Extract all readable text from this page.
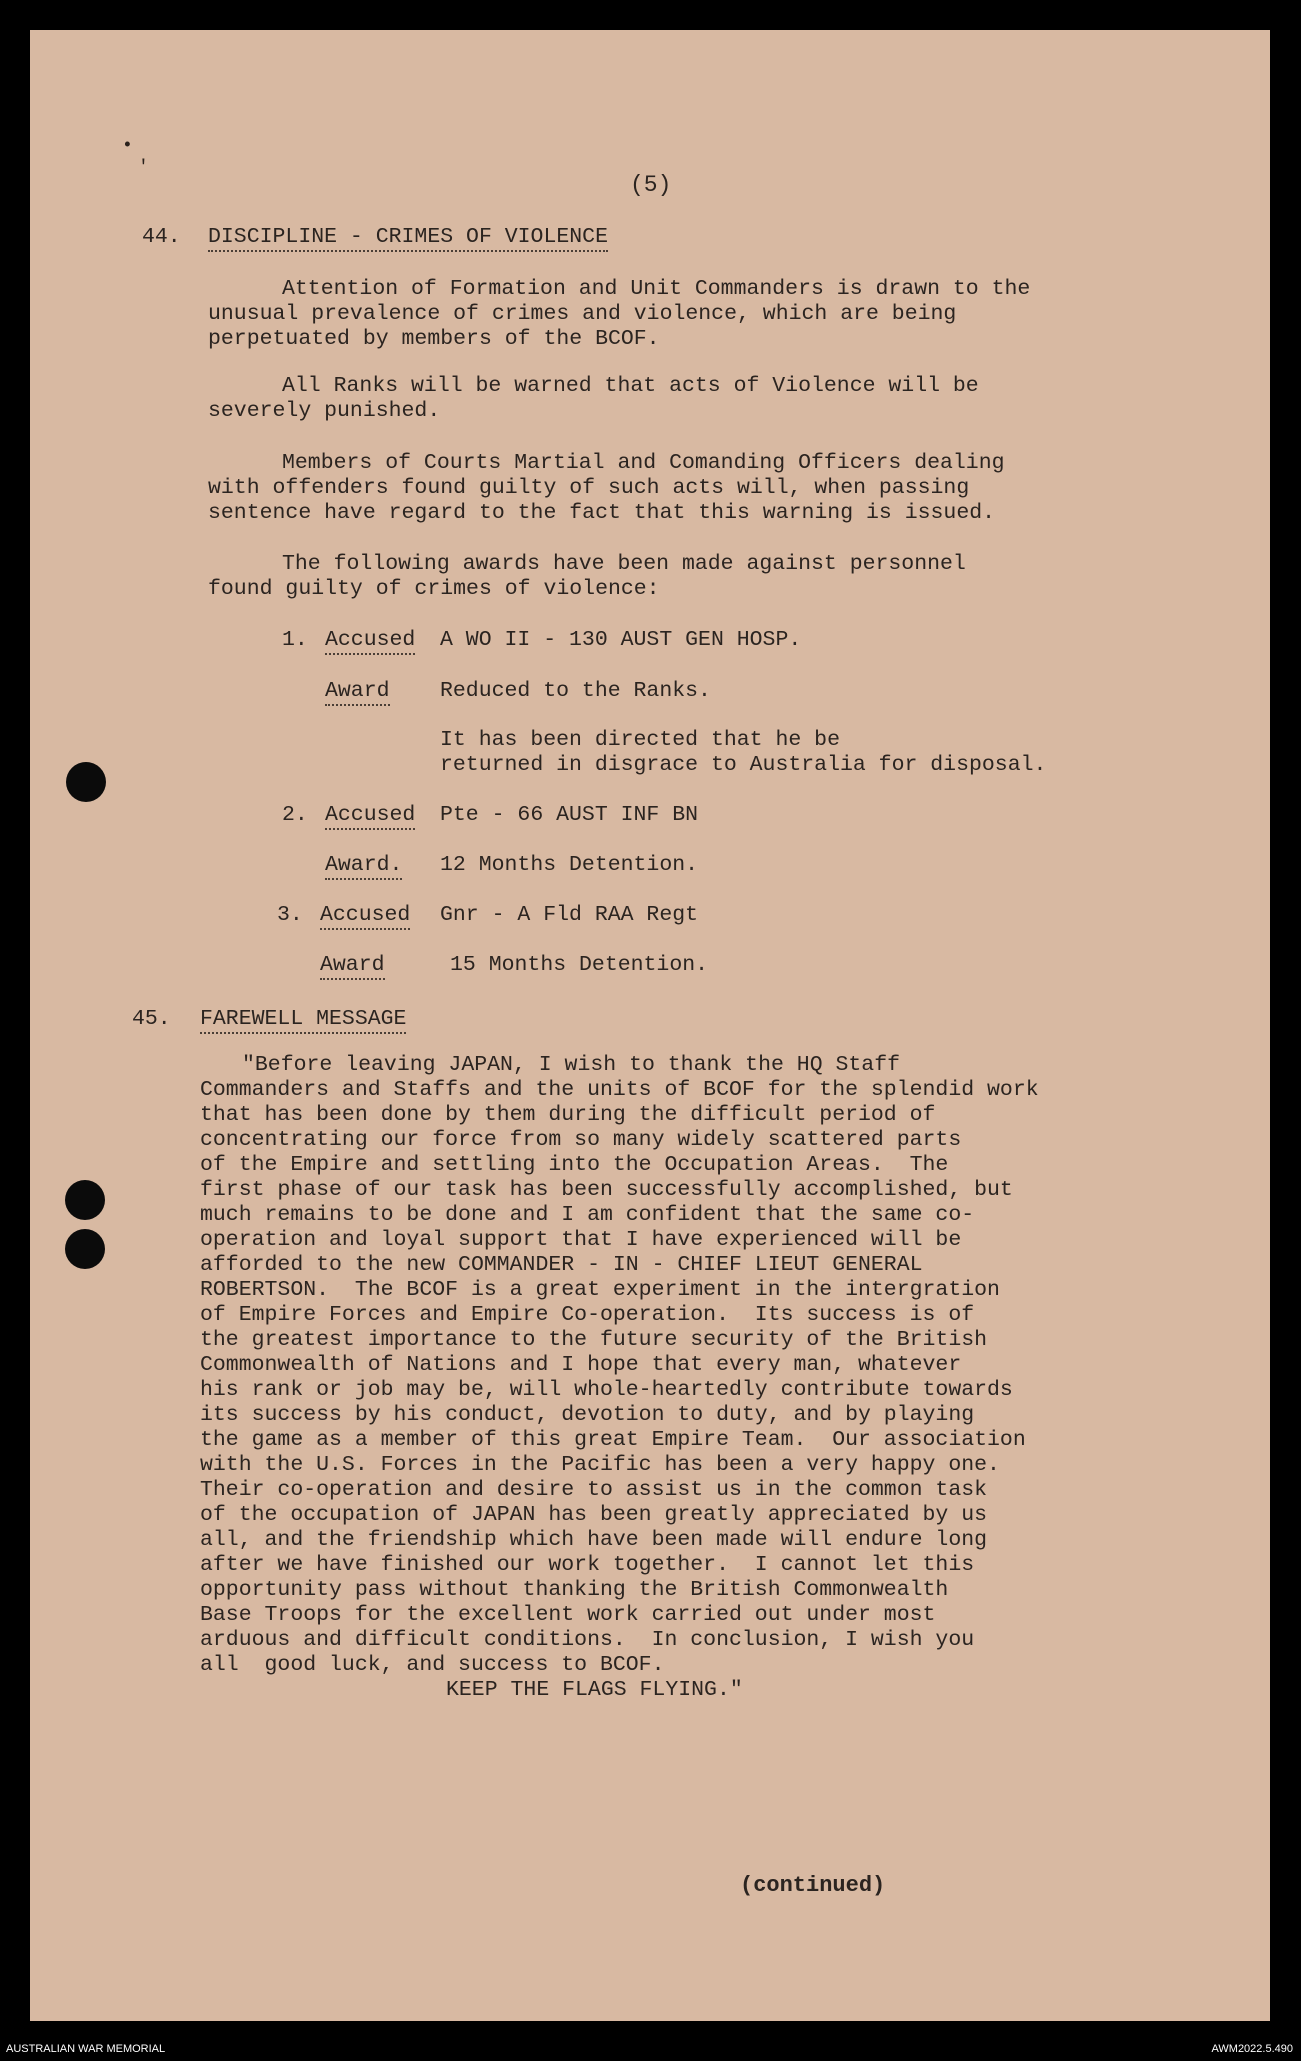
•
'
(5)
44. DISCIPLINE - CRIMES OF VIOLENCE
Attention of Formation and Unit Commanders is drawn to the
unusual prevalence of crimes and violence, which are being
perpetuated by members of the BCOF.
All Ranks will be warned that acts of Violence will be
severely punished.
Members of Courts Martial and Comanding Officers dealing
with offenders found guilty of such acts will, when passing
sentence have regard to the fact that this warning is issued.
The following awards have been made against personnel
found guilty of crimes of violence:
1. Accused A WO II - 130 AUST GEN HOSP.
Award Reduced to the Ranks.
It has been directed that he be
returned in disgrace to Australia for disposal.
2. Accused Pte - 66 AUST INF BN
Award. 12 Months Detention.
3. Accused Gnr - A Fld RAA Regt
Award	15 Months Detention.
45. FAREWELL MESSAGE
"Before leaving JAPAN, I wish to thank the HQ Staff
Commanders and Staffs and the units of BCOF for the splendid work
that has been done by them during the difficult period of
concentrating our force from so many widely scattered parts
of the Empire and settling into the Occupation Areas.  The
first phase of our task has been successfully accomplished, but
much remains to be done and I am confident that the same co-
operation and loyal support that I have experienced will be
afforded to the new COMMANDER - IN - CHIEF LIEUT GENERAL
ROBERTSON.  The BCOF is a great experiment in the intergration
of Empire Forces and Empire Co-operation.  Its success is of
the greatest importance to the future security of the British
Commonwealth of Nations and I hope that every man, whatever
his rank or job may be, will whole-heartedly contribute towards
its success by his conduct, devotion to duty, and by playing
the game as a member of this great Empire Team.  Our association
with the U.S. Forces in the Pacific has been a very happy one.
Their co-operation and desire to assist us in the common task
of the occupation of JAPAN has been greatly appreciated by us
all, and the friendship which have been made will endure long
after we have finished our work together.  I cannot let this
opportunity pass without thanking the British Commonwealth
Base Troops for the excellent work carried out under most
arduous and difficult conditions.  In conclusion, I wish you
all  good luck, and success to BCOF.
KEEP THE FLAGS FLYING."
(continued)
AUSTRALIAN WAR MEMORIAL	AWM2022.5.490
